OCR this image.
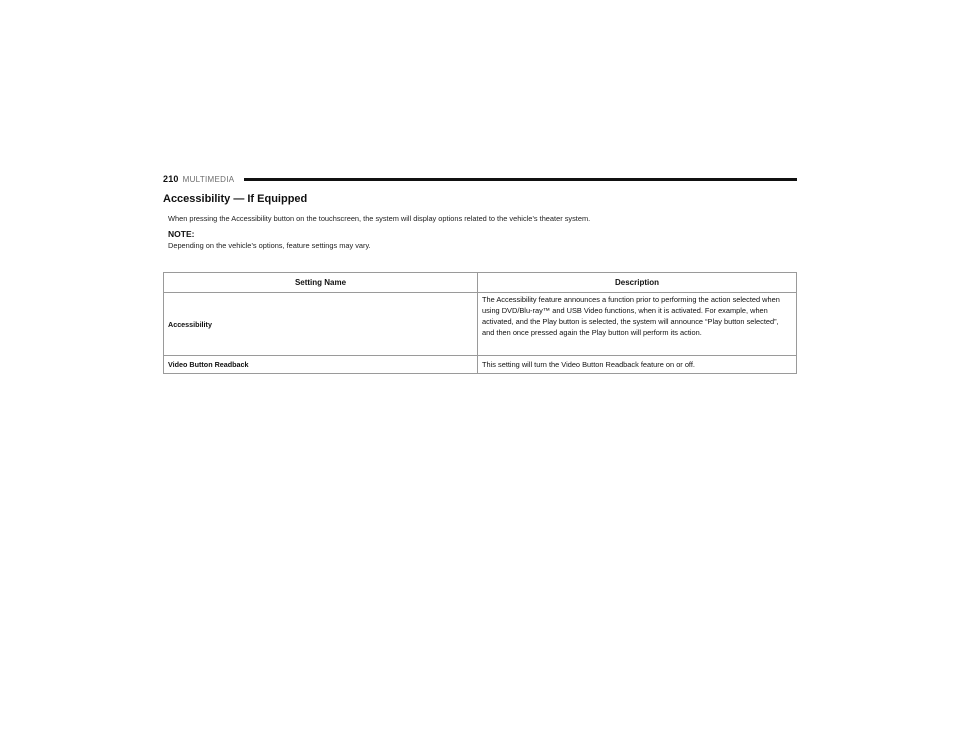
210 MULTIMEDIA
Accessibility — If Equipped

When pressing the Accessibility button on the touchscreen, the system will display options related to the vehicle’s theater system.

NOTE:

Depending on the vehicle’s options, feature settings may vary.

Setting Name	Description
Accessibility	The Accessibility feature announces a function prior to performing the action selected when using DVD/Blu-ray™ and USB Video functions, when it is activated. For example, when activated, and the Play button is selected, the system will announce “Play button selected”, and then once pressed again the Play button will perform its action.
Video Button Readback	This setting will turn the Video Button Readback feature on or off.
